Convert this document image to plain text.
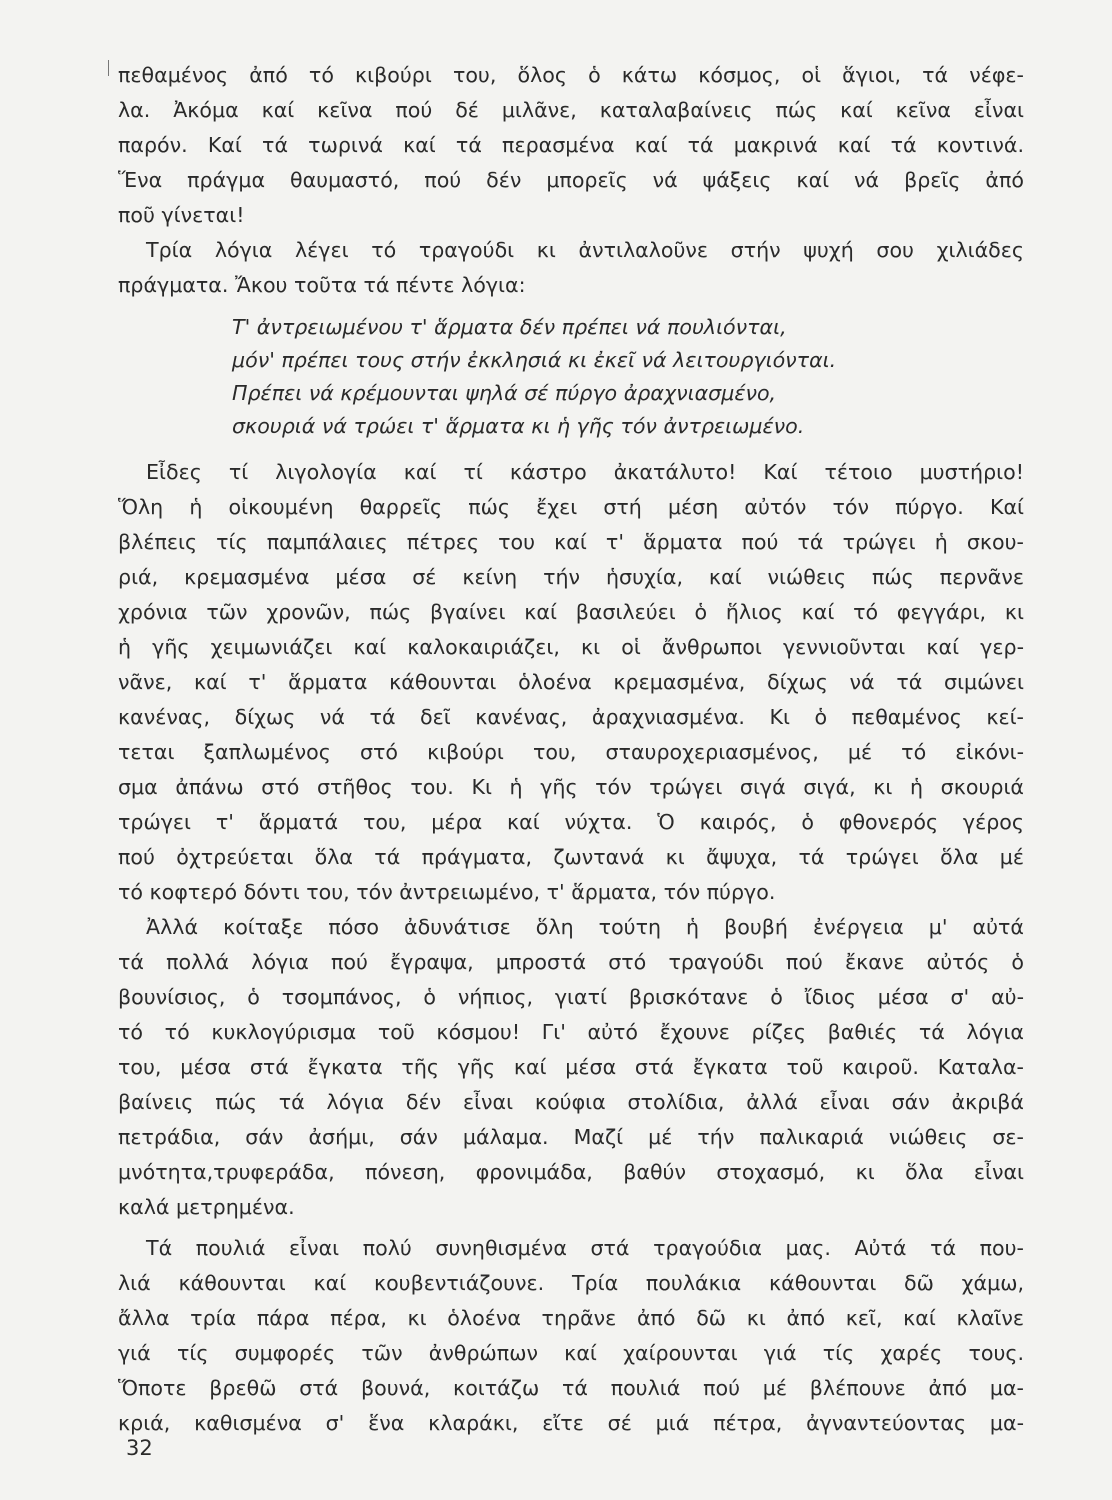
πεθαμένος ἀπό τό κιβούρι του, ὅλος ὁ κάτω κόσμος, οἱ ἅγιοι, τά νέφε-
λα. Ἀκόμα καί κεῖνα πού δέ μιλᾶνε, καταλαβαίνεις πώς καί κεῖνα εἶναι
παρόν. Καί τά τωρινά καί τά περασμένα καί τά μακρινά καί τά κοντινά.
Ἕνα πράγμα θαυμαστό, πού δέν μπορεῖς νά ψάξεις καί νά βρεῖς ἀπό
ποῦ γίνεται!
Τρία λόγια λέγει τό τραγούδι κι ἀντιλαλοῦνε στήν ψυχή σου χιλιάδες
πράγματα. Ἄκου τοῦτα τά πέντε λόγια:
Τ' ἀντρειωμένου τ' ἅρματα δέν πρέπει νά πουλιόνται,
μόν' πρέπει τους στήν ἐκκλησιά κι ἐκεῖ νά λειτουργιόνται.
Πρέπει νά κρέμουνται ψηλά σέ πύργο ἀραχνιασμένο,
σκουριά νά τρώει τ' ἅρματα κι ἡ γῆς τόν ἀντρειωμένο.
Εἶδες τί λιγολογία καί τί κάστρο ἀκατάλυτο! Καί τέτοιο μυστήριο!
Ὅλη ἡ οἰκουμένη θαρρεῖς πώς ἔχει στή μέση αὐτόν τόν πύργο. Καί
βλέπεις τίς παμπάλαιες πέτρες του καί τ' ἅρματα πού τά τρώγει ἡ σκου-
ριά, κρεμασμένα μέσα σέ κείνη τήν ἡσυχία, καί νιώθεις πώς περνᾶνε
χρόνια τῶν χρονῶν, πώς βγαίνει καί βασιλεύει ὁ ἥλιος καί τό φεγγάρι, κι
ἡ γῆς χειμωνιάζει καί καλοκαιριάζει, κι οἱ ἄνθρωποι γεννιοῦνται καί γερ-
νᾶνε, καί τ' ἅρματα κάθουνται ὁλοένα κρεμασμένα, δίχως νά τά σιμώνει
κανένας, δίχως νά τά δεῖ κανένας, ἀραχνιασμένα. Κι ὁ πεθαμένος κεί-
τεται ξαπλωμένος στό κιβούρι του, σταυροχεριασμένος, μέ τό εἰκόνι-
σμα ἀπάνω στό στῆθος του. Κι ἡ γῆς τόν τρώγει σιγά σιγά, κι ἡ σκουριά
τρώγει τ' ἅρματά του, μέρα καί νύχτα. Ὁ καιρός, ὁ φθονερός γέρος
πού ὀχτρεύεται ὅλα τά πράγματα, ζωντανά κι ἄψυχα, τά τρώγει ὅλα μέ
τό κοφτερό δόντι του, τόν ἀντρειωμένο, τ' ἅρματα, τόν πύργο.
Ἀλλά κοίταξε πόσο ἀδυνάτισε ὅλη τούτη ἡ βουβή ἐνέργεια μ' αὐτά
τά πολλά λόγια πού ἔγραψα, μπροστά στό τραγούδι πού ἔκανε αὐτός ὁ
βουνίσιος, ὁ τσομπάνος, ὁ νήπιος, γιατί βρισκότανε ὁ ἴδιος μέσα σ' αὐ-
τό τό κυκλογύρισμα τοῦ κόσμου! Γι' αὐτό ἔχουνε ρίζες βαθιές τά λόγια
του, μέσα στά ἔγκατα τῆς γῆς καί μέσα στά ἔγκατα τοῦ καιροῦ. Καταλα-
βαίνεις πώς τά λόγια δέν εἶναι κούφια στολίδια, ἀλλά εἶναι σάν ἀκριβά
πετράδια, σάν ἀσήμι, σάν μάλαμα. Μαζί μέ τήν παλικαριά νιώθεις σε-
μνότητα,τρυφεράδα, πόνεση, φρονιμάδα, βαθύν στοχασμό, κι ὅλα εἶναι
καλά μετρημένα.
Τά πουλιά εἶναι πολύ συνηθισμένα στά τραγούδια μας. Αὐτά τά που-
λιά κάθουνται καί κουβεντιάζουνε. Τρία πουλάκια κάθουνται δῶ χάμω,
ἄλλα τρία πάρα πέρα, κι ὁλοένα τηρᾶνε ἀπό δῶ κι ἀπό κεῖ, καί κλαῖνε
γιά τίς συμφορές τῶν ἀνθρώπων καί χαίρουνται γιά τίς χαρές τους.
Ὅποτε βρεθῶ στά βουνά, κοιτάζω τά πουλιά πού μέ βλέπουνε ἀπό μα-
κριά, καθισμένα σ' ἕνα κλαράκι, εἴτε σέ μιά πέτρα, ἀγναντεύοντας μα-
32
